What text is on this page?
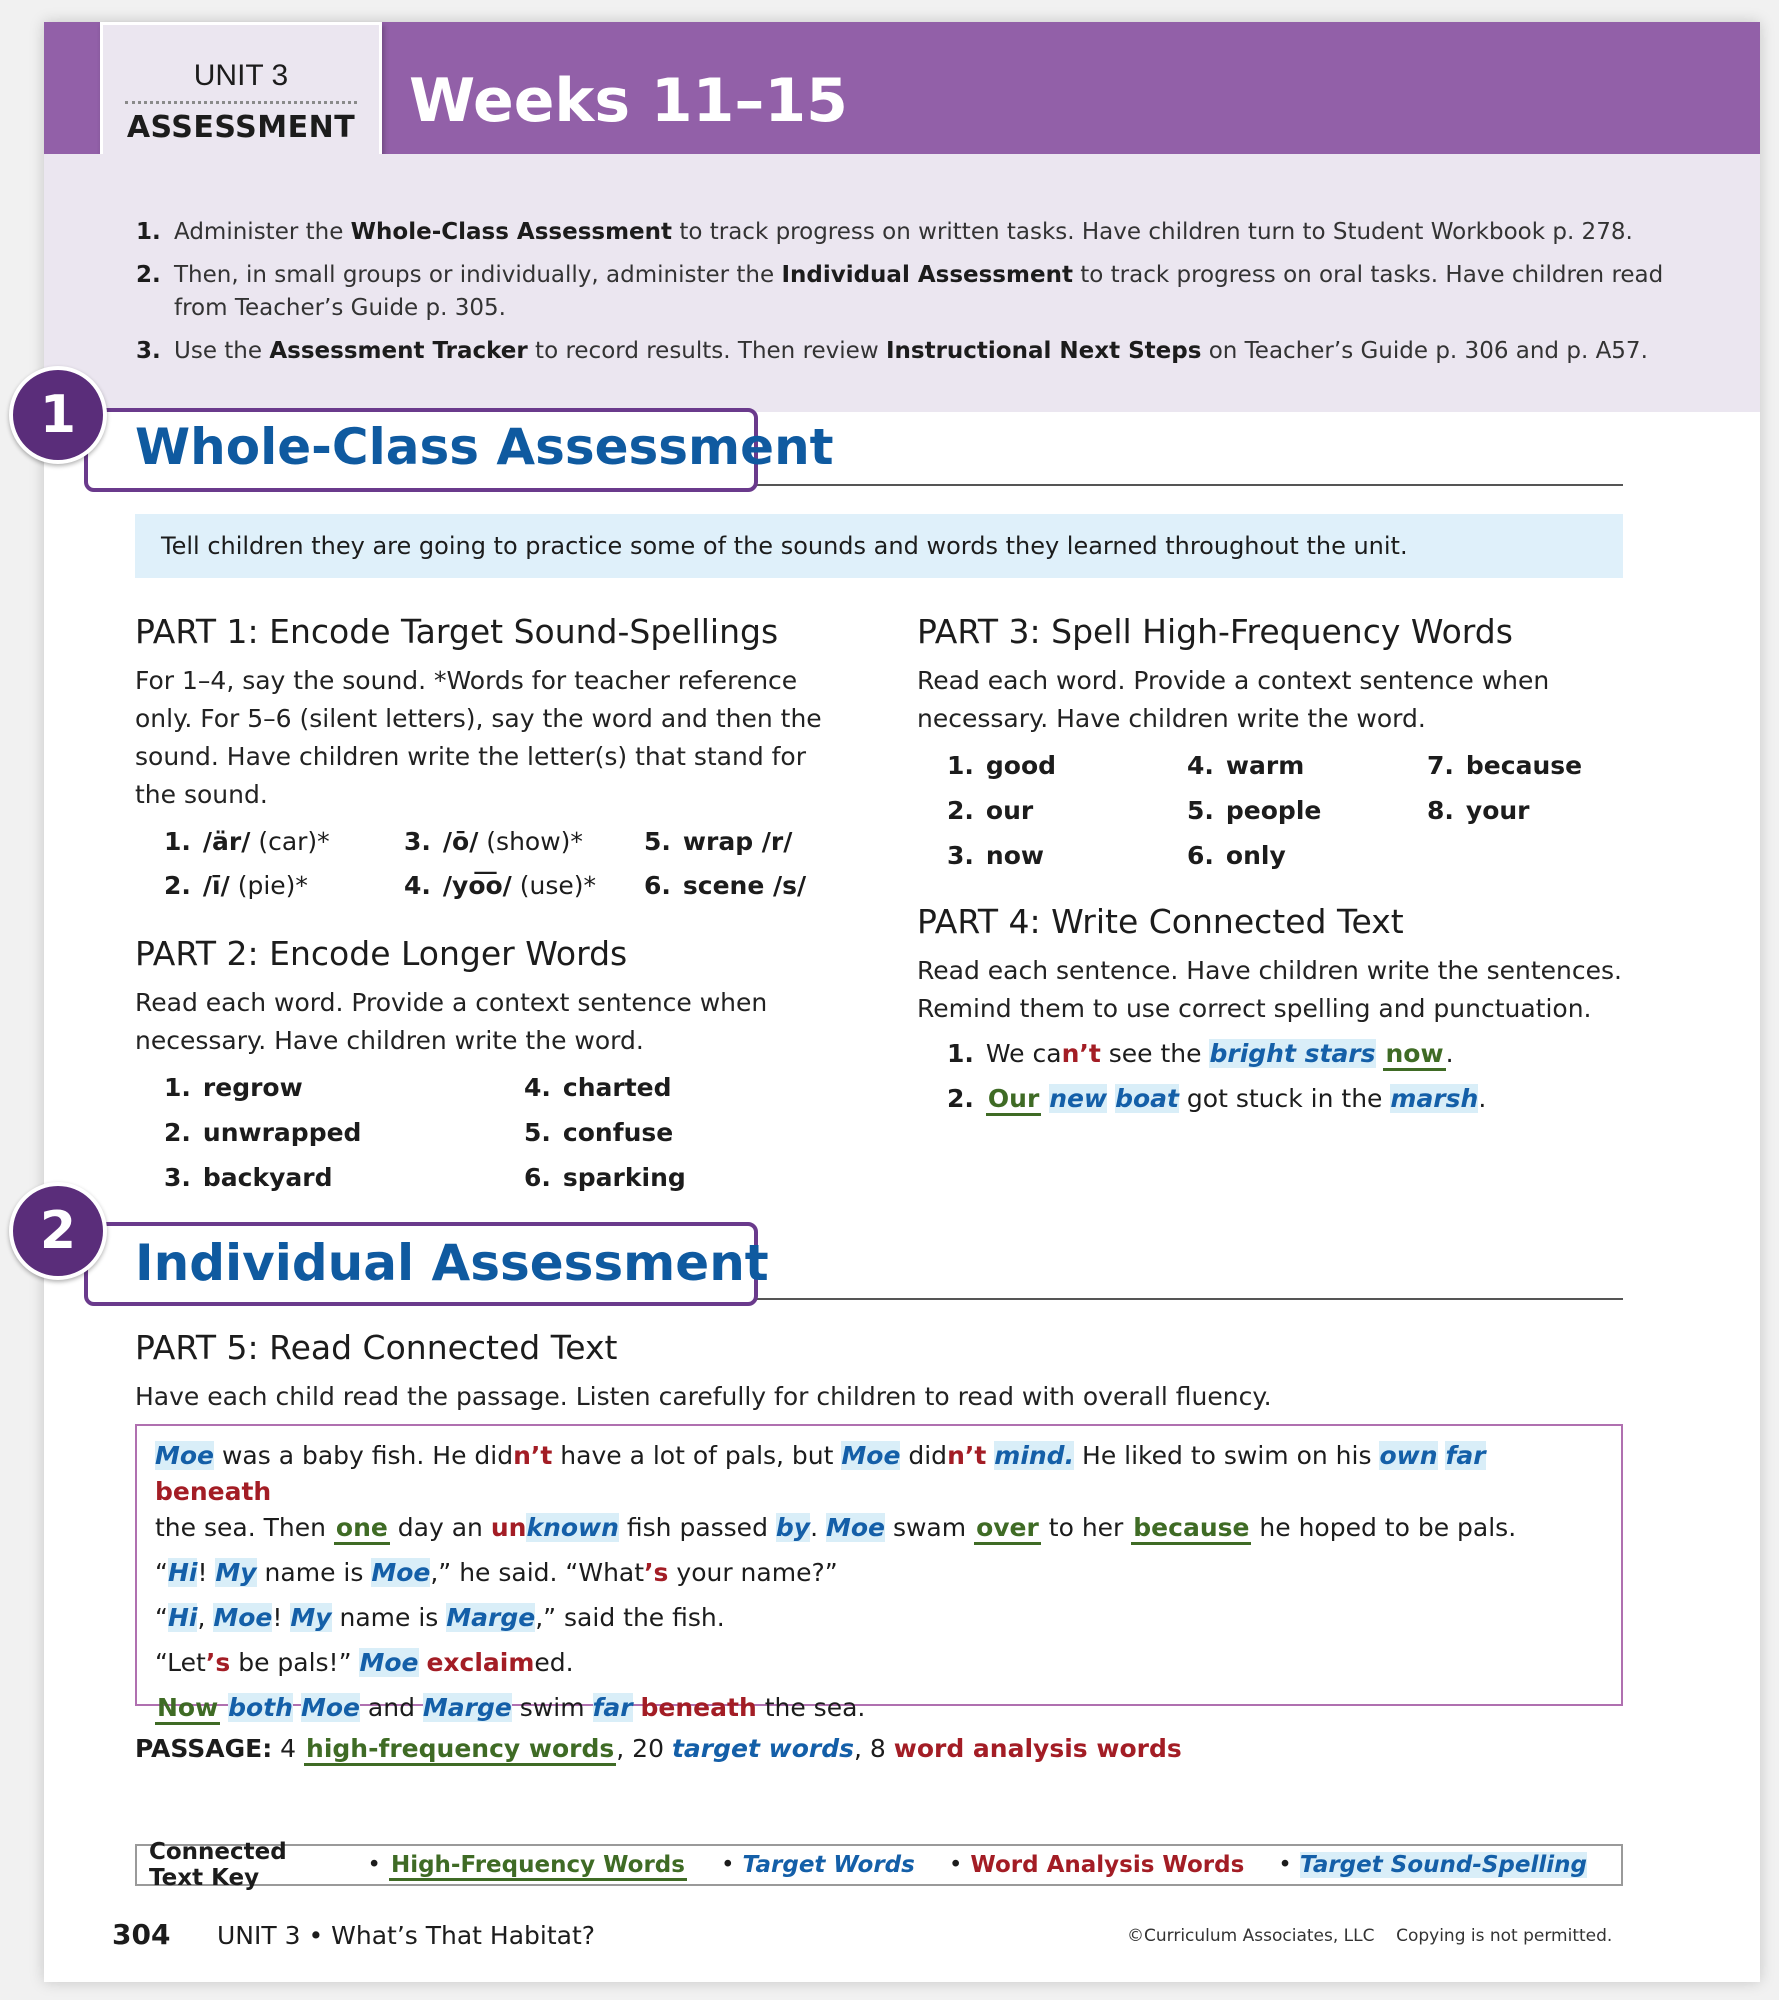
UNIT 3
ASSESSMENT Weeks 11–15
1. Administer the Whole-Class Assessment to track progress on written tasks. Have children turn to Student Workbook p. 278.
2. Then, in small groups or individually, administer the Individual Assessment to track progress on oral tasks. Have children read from Teacher’s Guide p. 305.
3. Use the Assessment Tracker to record results. Then review Instructional Next Steps on Teacher’s Guide p. 306 and p. A57.
1
Whole-Class Assessment
Tell children they are going to practice some of the sounds and words they learned throughout the unit.
PART 1: Encode Target Sound-Spellings
For 1–4, say the sound. *Words for teacher reference only. For 5–6 (silent letters), say the word and then the sound. Have children write the letter(s) that stand for the sound.
1. /är/ (car)*
2. /ī/ (pie)*
3. /ō/ (show)*
4. /yo͞o/ (use)*
5. wrap /r/
6. scene /s/
PART 2: Encode Longer Words
Read each word. Provide a context sentence when necessary. Have children write the word.
1. regrow
2. unwrapped
3. backyard
4. charted
5. confuse
6. sparking
PART 3: Spell High-Frequency Words
Read each word. Provide a context sentence when necessary. Have children write the word.
1. good
2. our
3. now
4. warm
5. people
6. only
7. because
8. your
PART 4: Write Connected Text
Read each sentence. Have children write the sentences. Remind them to use correct spelling and punctuation.
1. We can’t see the bright stars now.
2. Our new boat got stuck in the marsh.
2
Individual Assessment
PART 5: Read Connected Text
Have each child read the passage. Listen carefully for children to read with overall fluency.

Moe was a baby fish. He didn’t have a lot of pals, but Moe didn’t mind. He liked to swim on his own far beneath
the sea. Then one day an unknown fish passed by. Moe swam over to her because he hoped to be pals.

“Hi! My name is Moe,” he said. “What’s your name?”

“Hi, Moe! My name is Marge,” said the fish.

“Let’s be pals!” Moe exclaimed.

Now both Moe and Marge swim far beneath the sea.

PASSAGE: 4 high-frequency words, 20 target words, 8 word analysis words
Connected Text Key	• High-Frequency Words • Target Words • Word Analysis Words • Target Sound-Spelling
304 UNIT 3 • What’s That Habitat?	©Curriculum Associates, LLC    Copying is not permitted.
